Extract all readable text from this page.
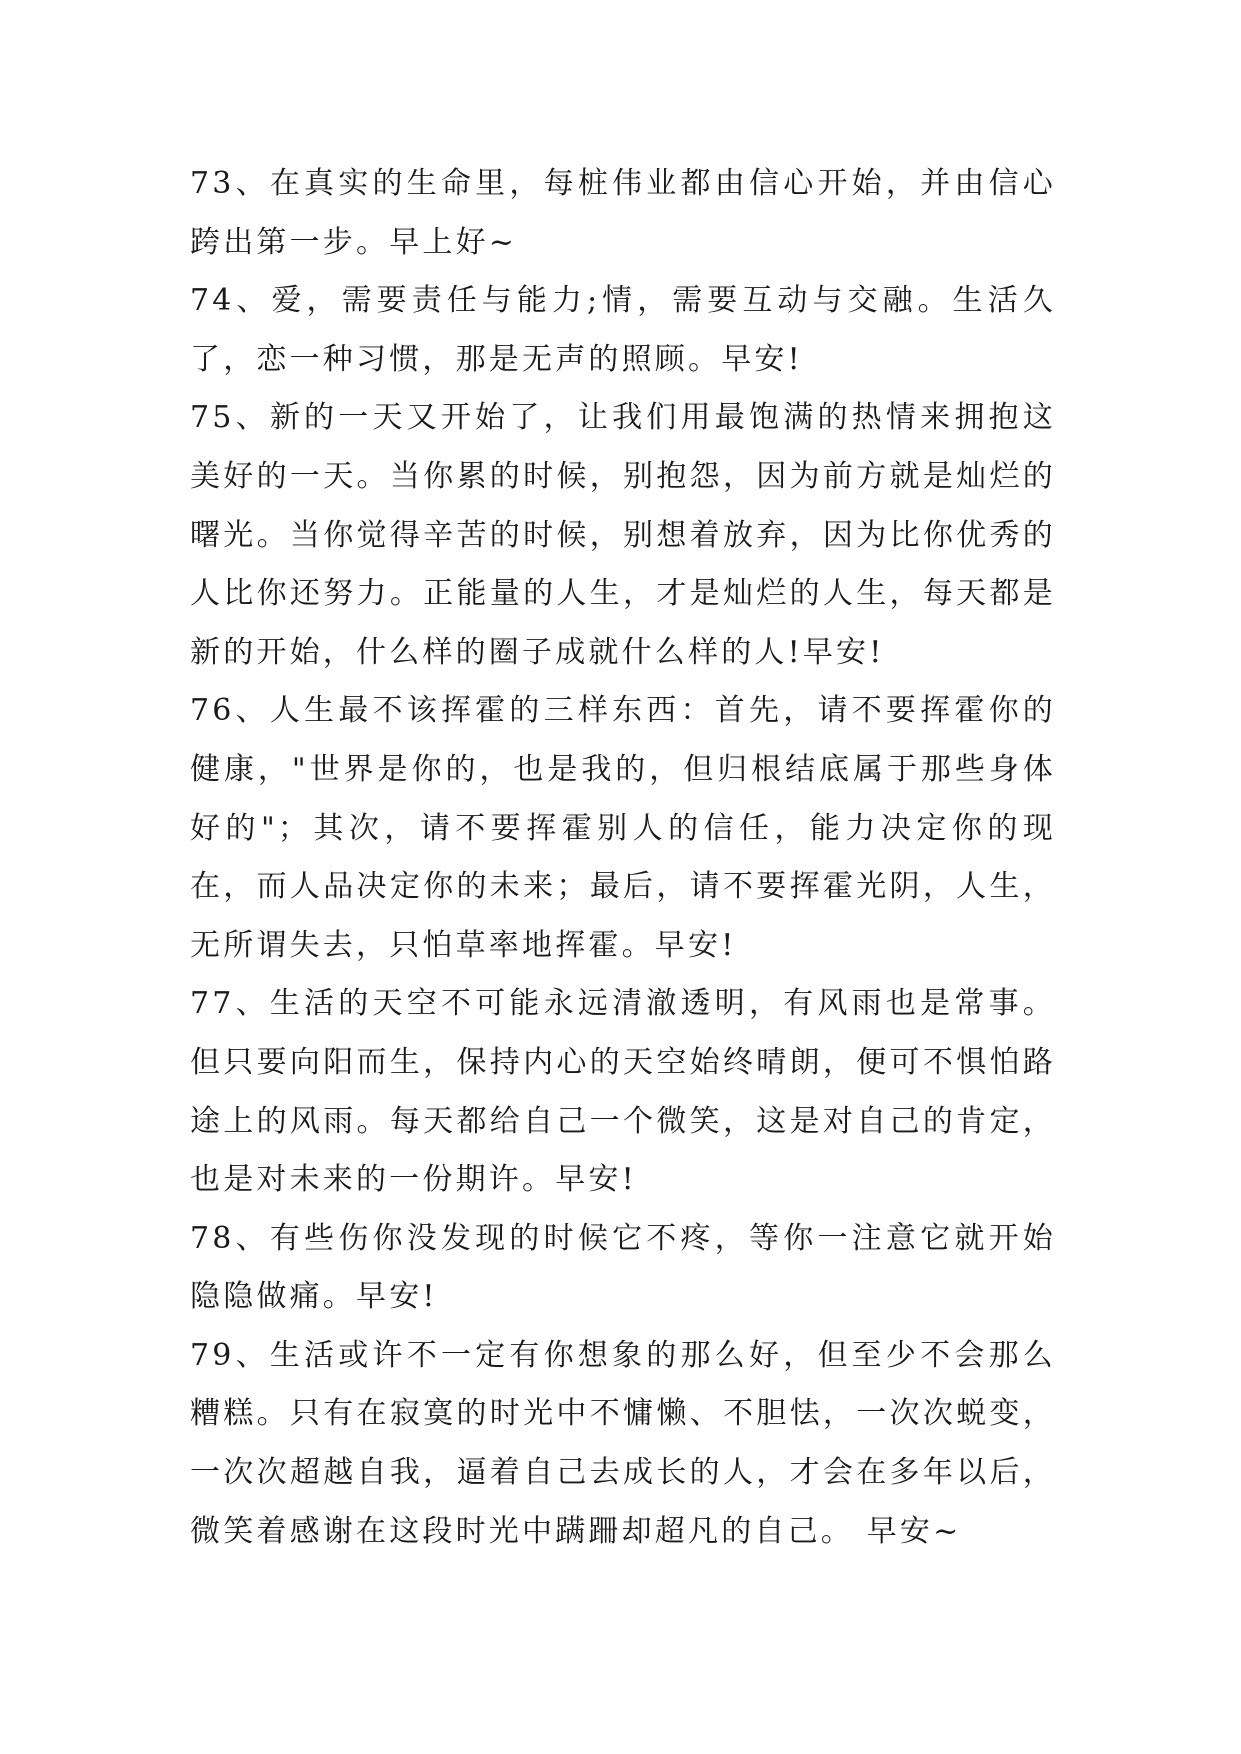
73、在真实的生命里，每桩伟业都由信心开始，并由信心跨出第一步。早上好~

74、爱，需要责任与能力;情，需要互动与交融。生活久了，恋一种习惯，那是无声的照顾。早安!

75、新的一天又开始了，让我们用最饱满的热情来拥抱这美好的一天。当你累的时候，别抱怨，因为前方就是灿烂的曙光。当你觉得辛苦的时候，别想着放弃，因为比你优秀的人比你还努力。正能量的人生，才是灿烂的人生，每天都是新的开始，什么样的圈子成就什么样的人!早安!

76、人生最不该挥霍的三样东西：首先，请不要挥霍你的健康，"世界是你的，也是我的，但归根结底属于那些身体好的"；其次，请不要挥霍别人的信任，能力决定你的现在，而人品决定你的未来；最后，请不要挥霍光阴，人生，无所谓失去，只怕草率地挥霍。早安!

77、生活的天空不可能永远清澈透明，有风雨也是常事。但只要向阳而生，保持内心的天空始终晴朗，便可不惧怕路途上的风雨。每天都给自己一个微笑，这是对自己的肯定，也是对未来的一份期许。早安!

78、有些伤你没发现的时候它不疼，等你一注意它就开始隐隐做痛。早安!

79、生活或许不一定有你想象的那么好，但至少不会那么糟糕。只有在寂寞的时光中不慵懒、不胆怯，一次次蜕变，一次次超越自我，逼着自己去成长的人，才会在多年以后，微笑着感谢在这段时光中蹒跚却超凡的自己。 早安~
